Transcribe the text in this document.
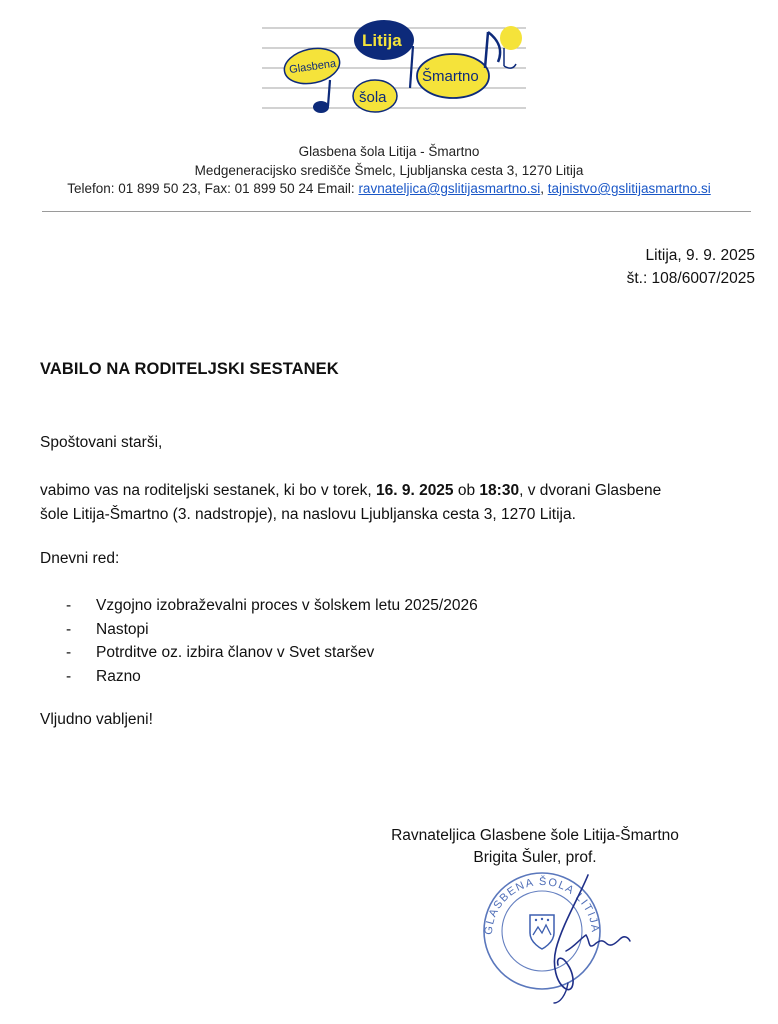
Glasbena
Litija
šola
Šmartno
Glasbena šola Litija - Šmartno
Medgeneracijsko središče Šmelc, Ljubljanska cesta 3, 1270 Litija
Telefon: 01 899 50 23, Fax: 01 899 50 24 Email: ravnateljica@gslitijasmartno.si, tajnistvo@gslitijasmartno.si
Litija, 9. 9. 2025
št.: 108/6007/2025
VABILO NA RODITELJSKI SESTANEK
Spoštovani starši,
vabimo vas na roditeljski sestanek, ki bo v torek, 16. 9. 2025 ob 18:30, v dvorani Glasbene
šole Litija-Šmartno (3. nadstropje), na naslovu Ljubljanska cesta 3, 1270 Litija.
Dnevni red:
- Vzgojno izobraževalni proces v šolskem letu 2025/2026
- Nastopi
- Potrditve oz. izbira članov v Svet staršev
- Razno
Vljudno vabljeni!
Ravnateljica Glasbene šole Litija-Šmartno
Brigita Šuler, prof.
GLASBENA ŠOLA LITIJA
